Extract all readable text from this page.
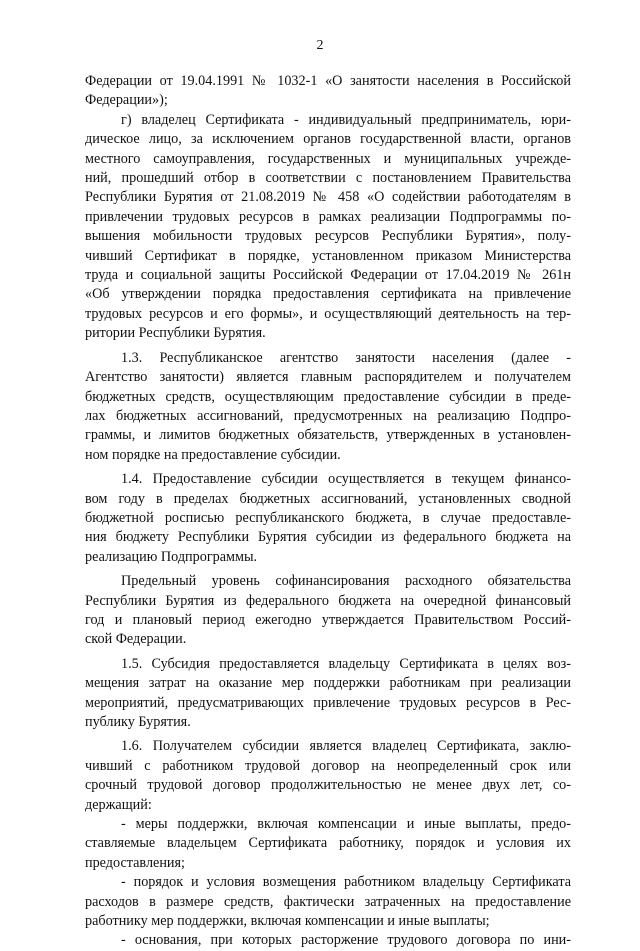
2
Федерации от 19.04.1991 № 1032-1 «О занятости населения в Российской
Федерации»);
г) владелец Сертификата - индивидуальный предприниматель, юри-
дическое лицо, за исключением органов государственной власти, органов
местного самоуправления, государственных и муниципальных учрежде-
ний, прошедший отбор в соответствии с постановлением Правительства
Республики Бурятия от 21.08.2019 № 458 «О содействии работодателям в
привлечении трудовых ресурсов в рамках реализации Подпрограммы по-
вышения мобильности трудовых ресурсов Республики Бурятия», полу-
чивший Сертификат в порядке, установленном приказом Министерства
труда и социальной защиты Российской Федерации от 17.04.2019 № 261н
«Об утверждении порядка предоставления сертификата на привлечение
трудовых ресурсов и его формы», и осуществляющий деятельность на тер-
ритории Республики Бурятия.
1.3. Республиканское агентство занятости населения (далее -
Агентство занятости) является главным распорядителем и получателем
бюджетных средств, осуществляющим предоставление субсидии в преде-
лах бюджетных ассигнований, предусмотренных на реализацию Подпро-
граммы, и лимитов бюджетных обязательств, утвержденных в установлен-
ном порядке на предоставление субсидии.
1.4. Предоставление субсидии осуществляется в текущем финансо-
вом году в пределах бюджетных ассигнований, установленных сводной
бюджетной росписью республиканского бюджета, в случае предоставле-
ния бюджету Республики Бурятия субсидии из федерального бюджета на
реализацию Подпрограммы.
Предельный уровень софинансирования расходного обязательства
Республики Бурятия из федерального бюджета на очередной финансовый
год и плановый период ежегодно утверждается Правительством Россий-
ской Федерации.
1.5. Субсидия предоставляется владельцу Сертификата в целях воз-
мещения затрат на оказание мер поддержки работникам при реализации
мероприятий, предусматривающих привлечение трудовых ресурсов в Рес-
публику Бурятия.
1.6. Получателем субсидии является владелец Сертификата, заклю-
чивший с работником трудовой договор на неопределенный срок или
срочный трудовой договор продолжительностью не менее двух лет, со-
держащий:
- меры поддержки, включая компенсации и иные выплаты, предо-
ставляемые владельцем Сертификата работнику, порядок и условия их
предоставления;
- порядок и условия возмещения работником владельцу Сертификата
расходов в размере средств, фактически затраченных на предоставление
работнику мер поддержки, включая компенсации и иные выплаты;
- основания, при которых расторжение трудового договора по ини-
